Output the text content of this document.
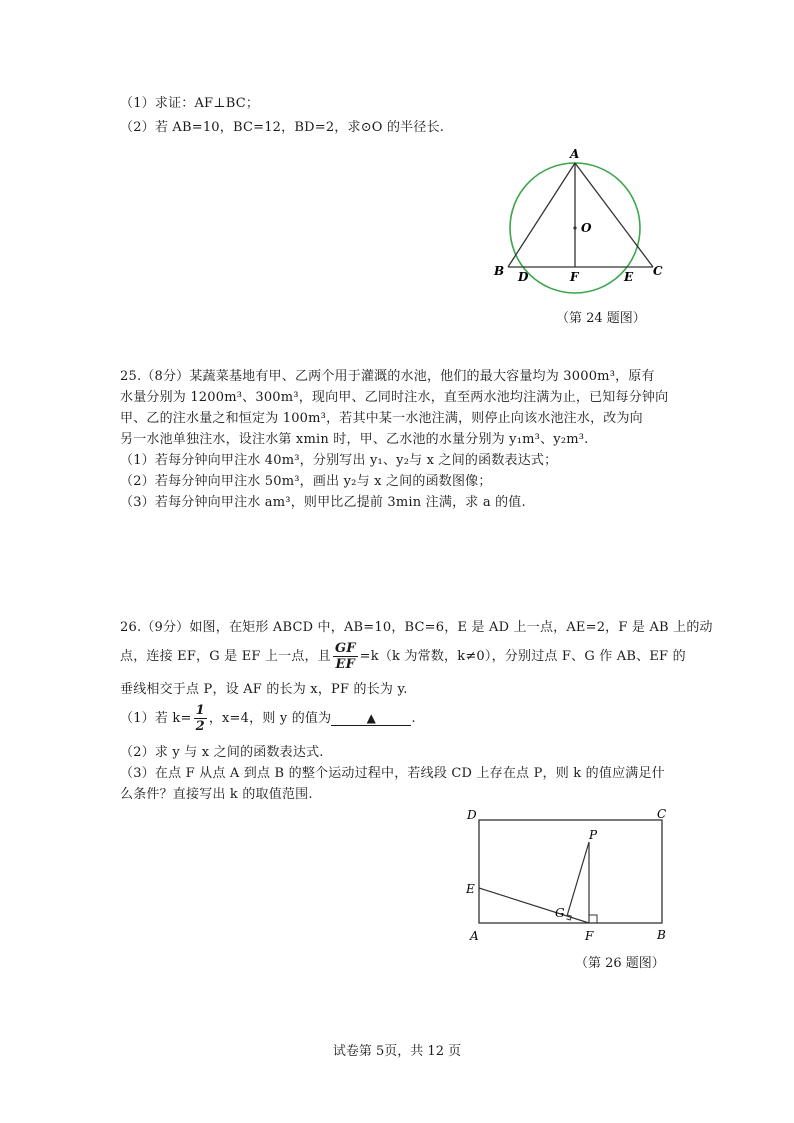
（1）求证：AF⊥BC；
（2）若 AB=10，BC=12，BD=2，求⊙O 的半径长.
A
O
B D	F	E C
（第 24 题图）
25.（8分）某蔬菜基地有甲、乙两个用于灌溉的水池，他们的最大容量均为 3000m³，原有
水量分别为 1200m³、300m³，现向甲、乙同时注水，直至两水池均注满为止，已知每分钟向
甲、乙的注水量之和恒定为 100m³，若其中某一水池注满，则停止向该水池注水，改为向
另一水池单独注水，设注水第 xmin 时，甲、乙水池的水量分别为 y₁m³、y₂m³.
（1）若每分钟向甲注水 40m³，分别写出 y₁、y₂与 x 之间的函数表达式；
（2）若每分钟向甲注水 50m³，画出 y₂与 x 之间的函数图像；
（3）若每分钟向甲注水 am³，则甲比乙提前 3min 注满，求 a 的值.
26.（9分）如图，在矩形 ABCD 中，AB=10，BC=6，E 是 AD 上一点，AE=2，F 是 AB 上的动
点，连接 EF，G 是 EF 上一点，且 $\frac{GF}{EF} =k(k$ 为常数，k≠0），分别过点 F、G 作 AB、EF 的
垂线相交于点 P，设 AF 的长为 x，PF 的长为 y.
（1）若 $k= \frac{1}{2}$ ，x=4，则 y 的值为	▲	.
（2）求 y 与 x 之间的函数表达式.
（3）在点 F 从点 A 到点 B 的整个运动过程中，若线段 CD 上存在点 P，则 k 的值应满足什
么条件？直接写出 k 的取值范围.
D	C
P
E
G
A	F	B
（第 26 题图）
试卷第 5页，共 12 页
